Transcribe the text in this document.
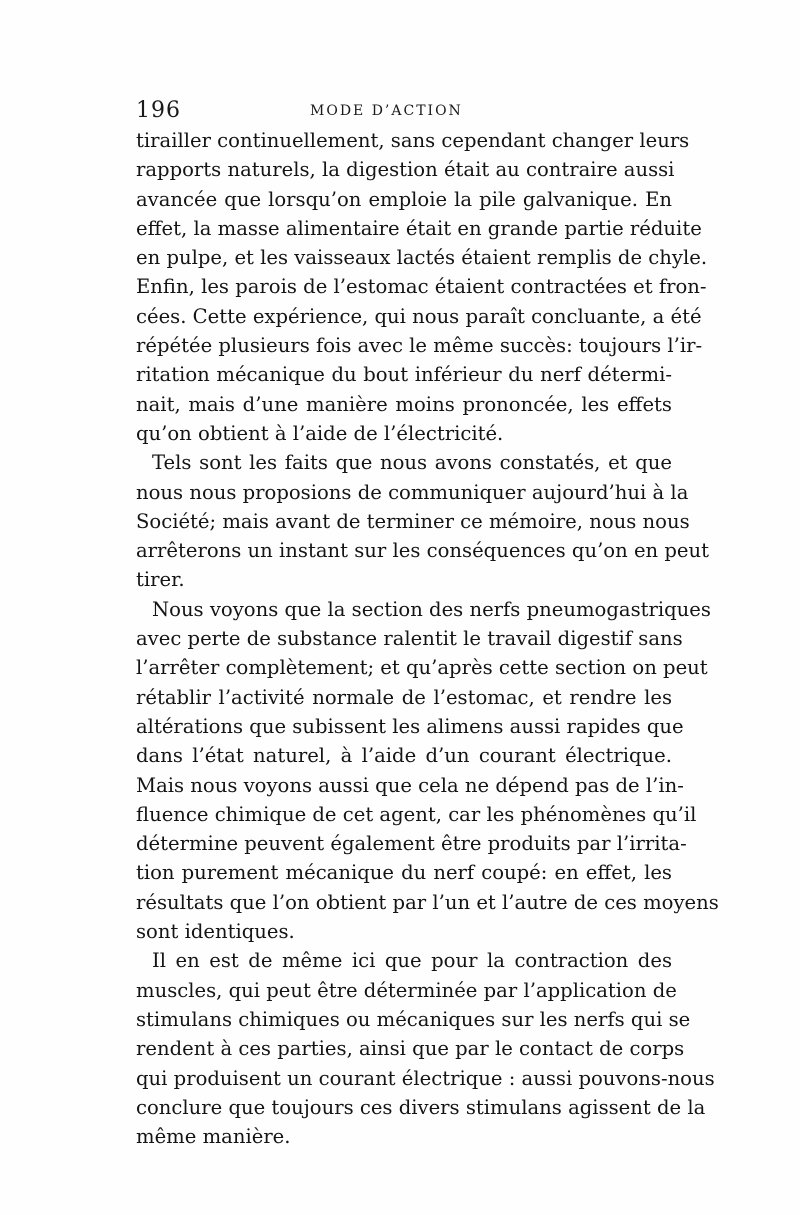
196	MODE D’ACTION
tirailler continuellement, sans cependant changer leurs
rapports naturels, la digestion était au contraire aussi
avancée que lorsqu’on emploie la pile galvanique. En
effet, la masse alimentaire était en grande partie réduite
en pulpe, et les vaisseaux lactés étaient remplis de chyle.
Enfin, les parois de l’estomac étaient contractées et fron-
cées. Cette expérience, qui nous paraît concluante, a été
répétée plusieurs fois avec le même succès: toujours l’ir-
ritation mécanique du bout inférieur du nerf détermi-
nait, mais d’une manière moins prononcée, les effets
qu’on obtient à l’aide de l’électricité.
Tels sont les faits que nous avons constatés, et que
nous nous proposions de communiquer aujourd’hui à la
Société; mais avant de terminer ce mémoire, nous nous
arrêterons un instant sur les conséquences qu’on en peut
tirer.
Nous voyons que la section des nerfs pneumogastriques
avec perte de substance ralentit le travail digestif sans
l’arrêter complètement; et qu’après cette section on peut
rétablir l’activité normale de l’estomac, et rendre les
altérations que subissent les alimens aussi rapides que
dans l’état naturel, à l’aide d’un courant électrique.
Mais nous voyons aussi que cela ne dépend pas de l’in-
fluence chimique de cet agent, car les phénomènes qu’il
détermine peuvent également être produits par l’irrita-
tion purement mécanique du nerf coupé: en effet, les
résultats que l’on obtient par l’un et l’autre de ces moyens
sont identiques.
Il en est de même ici que pour la contraction des
muscles, qui peut être déterminée par l’application de
stimulans chimiques ou mécaniques sur les nerfs qui se
rendent à ces parties, ainsi que par le contact de corps
qui produisent un courant électrique : aussi pouvons-nous
conclure que toujours ces divers stimulans agissent de la
même manière.
